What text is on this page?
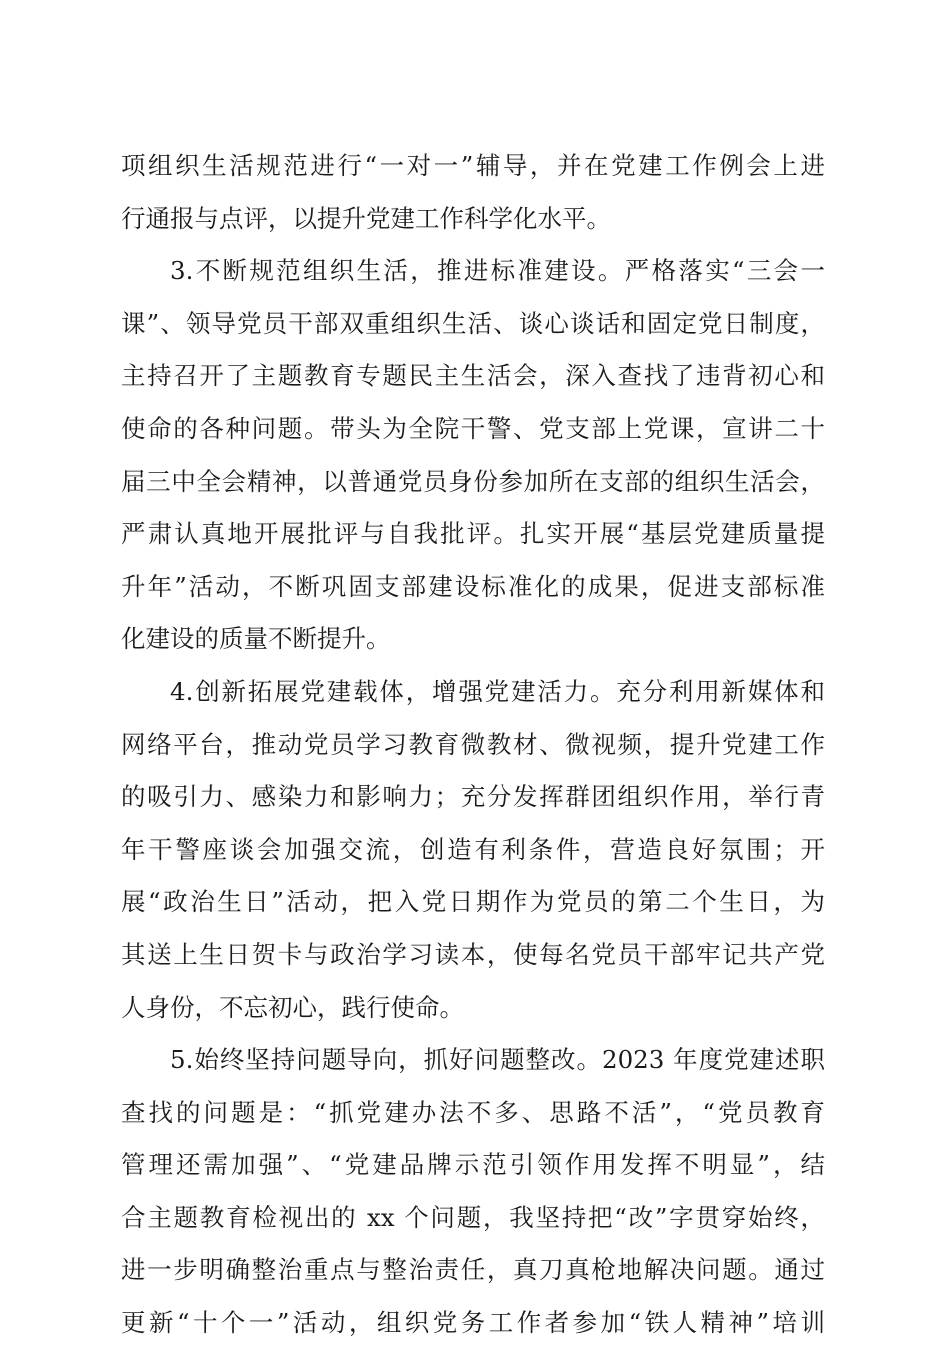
项组织生活规范进行“一对一”辅导，并在党建工作例会上进
行通报与点评，以提升党建工作科学化水平。
3.不断规范组织生活，推进标准建设。严格落实“三会一
课”、领导党员干部双重组织生活、谈心谈话和固定党日制度，
主持召开了主题教育专题民主生活会，深入查找了违背初心和
使命的各种问题。带头为全院干警、党支部上党课，宣讲二十
届三中全会精神，以普通党员身份参加所在支部的组织生活会，
严肃认真地开展批评与自我批评。扎实开展“基层党建质量提
升年”活动，不断巩固支部建设标准化的成果，促进支部标准
化建设的质量不断提升。
4.创新拓展党建载体，增强党建活力。充分利用新媒体和
网络平台，推动党员学习教育微教材、微视频，提升党建工作
的吸引力、感染力和影响力；充分发挥群团组织作用，举行青
年干警座谈会加强交流，创造有利条件，营造良好氛围；开
展“政治生日”活动，把入党日期作为党员的第二个生日，为
其送上生日贺卡与政治学习读本，使每名党员干部牢记共产党
人身份，不忘初心，践行使命。
5.始终坚持问题导向，抓好问题整改。2023 年度党建述职
查找的问题是：“抓党建办法不多、思路不活”，“党员教育
管理还需加强”、“党建品牌示范引领作用发挥不明显”，结
合主题教育检视出的 xx 个问题，我坚持把“改”字贯穿始终，
进一步明确整治重点与整治责任，真刀真枪地解决问题。通过
更新“十个一”活动，组织党务工作者参加“铁人精神”培训
